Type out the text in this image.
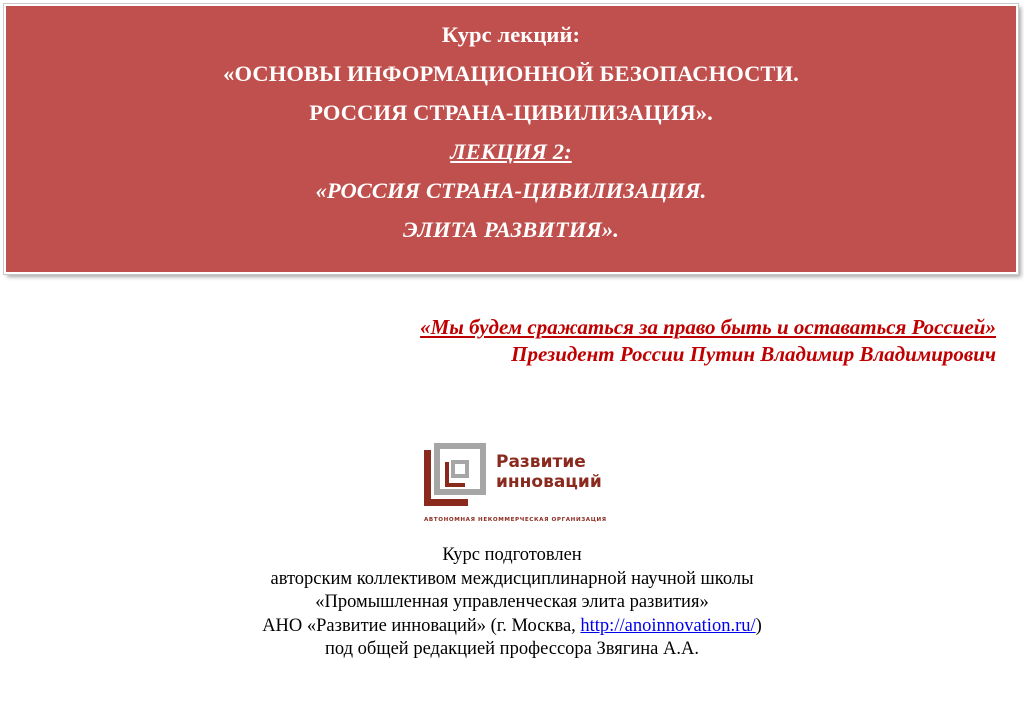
Курс лекций:
«ОСНОВЫ ИНФОРМАЦИОННОЙ БЕЗОПАСНОСТИ.
РОССИЯ СТРАНА-ЦИВИЛИЗАЦИЯ».
ЛЕКЦИЯ 2:
«РОССИЯ СТРАНА-ЦИВИЛИЗАЦИЯ.
ЭЛИТА РАЗВИТИЯ».
«Мы будем сражаться за право быть и оставаться Россией»
Президент России Путин Владимир Владимирович
Развитие
инноваций
АВТОНОМНАЯ НЕКОММЕРЧЕСКАЯ ОРГАНИЗАЦИЯ
Курс подготовлен
авторским коллективом междисциплинарной научной школы
«Промышленная управленческая элита развития»
АНО «Развитие инноваций» (г. Москва, http://anoinnovation.ru/)
под общей редакцией профессора Звягина А.А.
